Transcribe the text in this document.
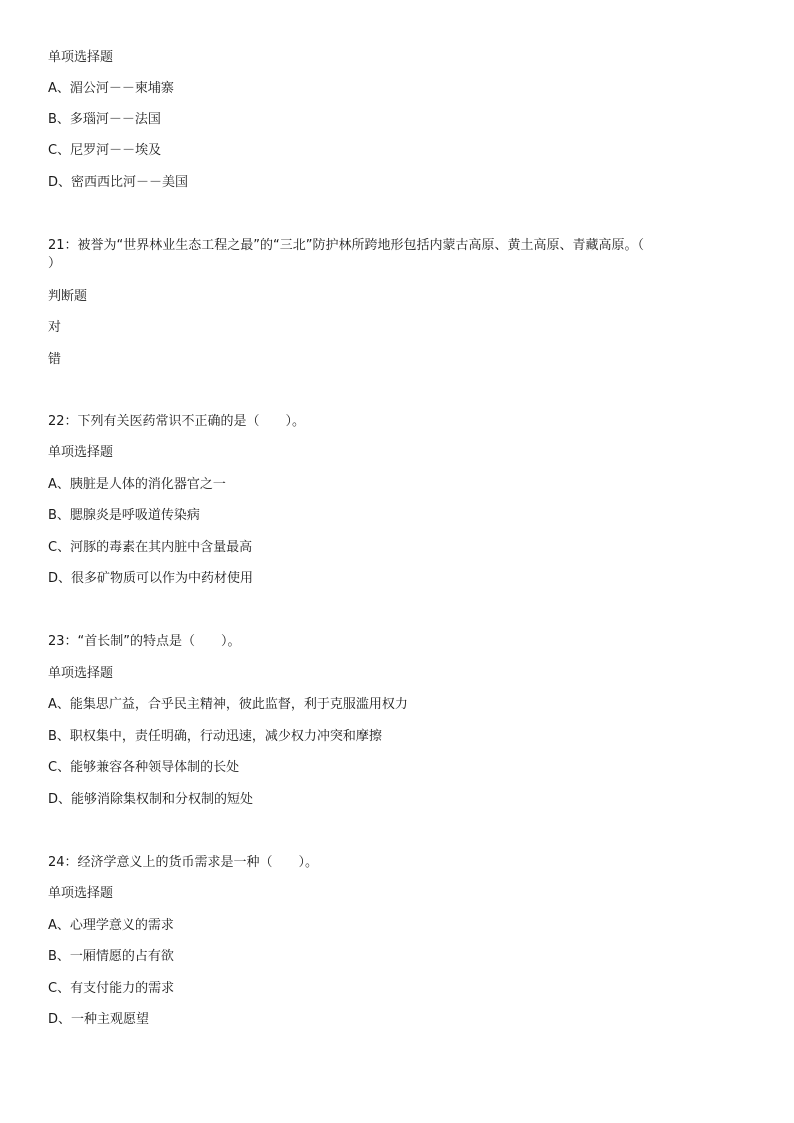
单项选择题
A、湄公河－－柬埔寨
B、多瑙河－－法国
C、尼罗河－－埃及
D、密西西比河－－美国
21：被誉为“世界林业生态工程之最”的“三北”防护林所跨地形包括内蒙古高原、黄土高原、青藏高原。（
）
判断题
对
错
22：下列有关医药常识不正确的是（　　）。
单项选择题
A、胰脏是人体的消化器官之一
B、腮腺炎是呼吸道传染病
C、河豚的毒素在其内脏中含量最高
D、很多矿物质可以作为中药材使用
23：“首长制”的特点是（　　）。
单项选择题
A、能集思广益，合乎民主精神，彼此监督，利于克服滥用权力
B、职权集中，责任明确，行动迅速，减少权力冲突和摩擦
C、能够兼容各种领导体制的长处
D、能够消除集权制和分权制的短处
24：经济学意义上的货币需求是一种（　　）。
单项选择题
A、心理学意义的需求
B、一厢情愿的占有欲
C、有支付能力的需求
D、一种主观愿望
